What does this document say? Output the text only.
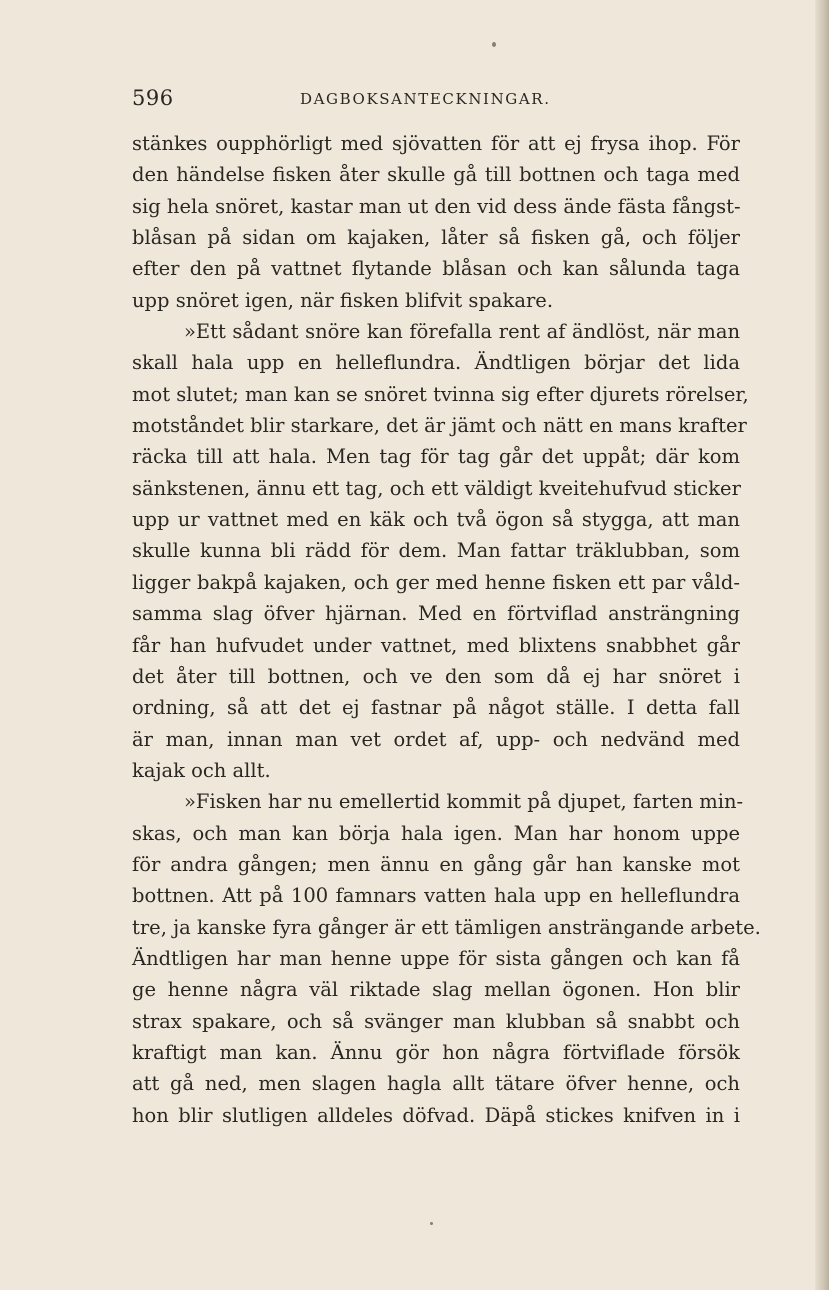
596	DAGBOKSANTECKNINGAR.
stänkes oupphörligt med sjövatten för att ej frysa ihop. För
den händelse fisken åter skulle gå till bottnen och taga med
sig hela snöret, kastar man ut den vid dess ände fästa fångst-
blåsan på sidan om kajaken, låter så fisken gå, och följer
efter den på vattnet flytande blåsan och kan sålunda taga
upp snöret igen, när fisken blifvit spakare.
»Ett sådant snöre kan förefalla rent af ändlöst, när man
skall hala upp en helleflundra. Ändtligen börjar det lida
mot slutet; man kan se snöret tvinna sig efter djurets rörelser,
motståndet blir starkare, det är jämt och nätt en mans krafter
räcka till att hala. Men tag för tag går det uppåt; där kom
sänkstenen, ännu ett tag, och ett väldigt kveitehufvud sticker
upp ur vattnet med en käk och två ögon så stygga, att man
skulle kunna bli rädd för dem. Man fattar träklubban, som
ligger bakpå kajaken, och ger med henne fisken ett par våld-
samma slag öfver hjärnan. Med en förtviflad ansträngning
får han hufvudet under vattnet, med blixtens snabbhet går
det åter till bottnen, och ve den som då ej har snöret i
ordning, så att det ej fastnar på något ställe. I detta fall
är man, innan man vet ordet af, upp- och nedvänd med
kajak och allt.
»Fisken har nu emellertid kommit på djupet, farten min-
skas, och man kan börja hala igen. Man har honom uppe
för andra gången; men ännu en gång går han kanske mot
bottnen. Att på 100 famnars vatten hala upp en helleflundra
tre, ja kanske fyra gånger är ett tämligen ansträngande arbete.
Ändtligen har man henne uppe för sista gången och kan få
ge henne några väl riktade slag mellan ögonen. Hon blir
strax spakare, och så svänger man klubban så snabbt och
kraftigt man kan. Ännu gör hon några förtviflade försök
att gå ned, men slagen hagla allt tätare öfver henne, och
hon blir slutligen alldeles döfvad. Däpå stickes knifven in i
